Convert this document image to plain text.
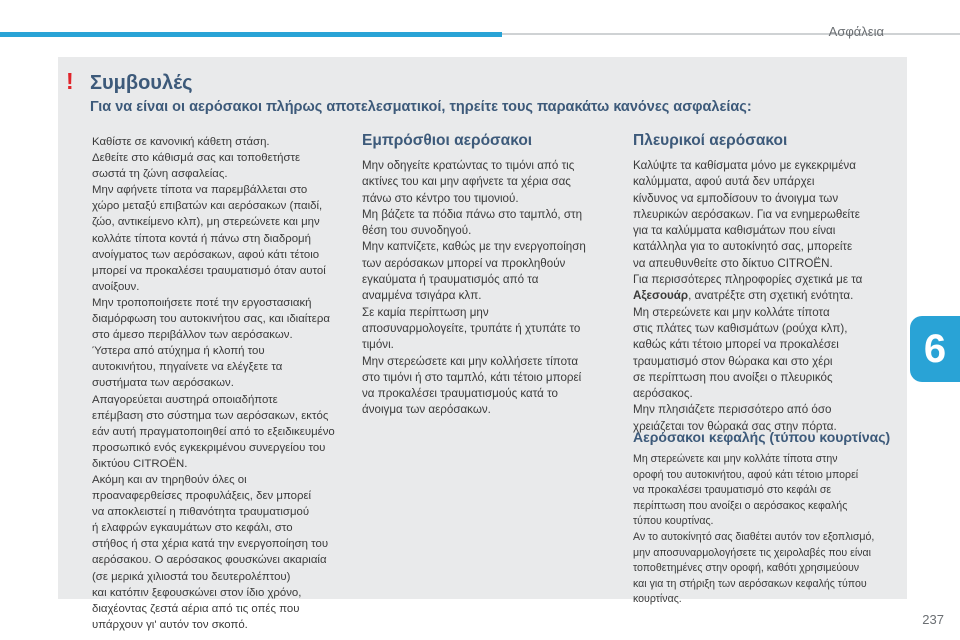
Ασφάλεια
! Συμβουλές
Για να είναι οι αερόσακοι πλήρως αποτελεσματικοί, τηρείτε τους παρακάτω κανόνες ασφαλείας:

Καθίστε σε κανονική κάθετη στάση.

Δεθείτε στο κάθισμά σας και τοποθετήστε

σωστά τη ζώνη ασφαλείας.

Μην αφήνετε τίποτα να παρεμβάλλεται στο

χώρο μεταξύ επιβατών και αερόσακων (παιδί,

ζώο, αντικείμενο κλπ), μη στερεώνετε και μην

κολλάτε τίποτα κοντά ή πάνω στη διαδρομή

ανοίγματος των αερόσακων, αφού κάτι τέτοιο

μπορεί να προκαλέσει τραυματισμό όταν αυτοί

ανοίξουν.

Μην τροποποιήσετε ποτέ την εργοστασιακή

διαμόρφωση του αυτοκινήτου σας, και ιδιαίτερα

στο άμεσο περιβάλλον των αερόσακων.

Ύστερα από ατύχημα ή κλοπή του

αυτοκινήτου, πηγαίνετε να ελέγξετε τα

συστήματα των αερόσακων.

Απαγορεύεται αυστηρά οποιαδήποτε

επέμβαση στο σύστημα των αερόσακων, εκτός

εάν αυτή πραγματοποιηθεί από το εξειδικευμένο

προσωπικό ενός εγκεκριμένου συνεργείου του

δικτύου CITROËN.

Ακόμη και αν τηρηθούν όλες οι

προαναφερθείσες προφυλάξεις, δεν μπορεί

να αποκλειστεί η πιθανότητα τραυματισμού

ή ελαφρών εγκαυμάτων στο κεφάλι, στο

στήθος ή στα χέρια κατά την ενεργοποίηση του

αερόσακου. Ο αερόσακος φουσκώνει ακαριαία

(σε μερικά χιλιοστά του δευτερολέπτου)

και κατόπιν ξεφουσκώνει στον ίδιο χρόνο,

διαχέοντας ζεστά αέρια από τις οπές που

υπάρχουν γι' αυτόν τον σκοπό.

Εμπρόσθιοι αερόσακοι

Μην οδηγείτε κρατώντας το τιμόνι από τις

ακτίνες του και μην αφήνετε τα χέρια σας

πάνω στο κέντρο του τιμονιού.

Μη βάζετε τα πόδια πάνω στο ταμπλό, στη

θέση του συνοδηγού.

Μην καπνίζετε, καθώς με την ενεργοποίηση

των αερόσακων μπορεί να προκληθούν

εγκαύματα ή τραυματισμός από τα

αναμμένα τσιγάρα κλπ.

Σε καμία περίπτωση μην

αποσυναρμολογείτε, τρυπάτε ή χτυπάτε το

τιμόνι.

Μην στερεώσετε και μην κολλήσετε τίποτα

στο τιμόνι ή στο ταμπλό, κάτι τέτοιο μπορεί

να προκαλέσει τραυματισμούς κατά το

άνοιγμα των αερόσακων.

Πλευρικοί αερόσακοι

Καλύψτε τα καθίσματα μόνο με εγκεκριμένα

καλύμματα, αφού αυτά δεν υπάρχει

κίνδυνος να εμποδίσουν το άνοιγμα των

πλευρικών αερόσακων. Για να ενημερωθείτε

για τα καλύμματα καθισμάτων που είναι

κατάλληλα για το αυτοκίνητό σας, μπορείτε

να απευθυνθείτε στο δίκτυο CITROËN.

Για περισσότερες πληροφορίες σχετικά με τα

Αξεσουάρ, ανατρέξτε στη σχετική ενότητα.

Μη στερεώνετε και μην κολλάτε τίποτα

στις πλάτες των καθισμάτων (ρούχα κλπ),

καθώς κάτι τέτοιο μπορεί να προκαλέσει

τραυματισμό στον θώρακα και στο χέρι

σε περίπτωση που ανοίξει ο πλευρικός

αερόσακος.

Μην πλησιάζετε περισσότερο από όσο

χρειάζεται τον θώρακά σας στην πόρτα.

Αερόσακοι κεφαλής (τύπου κουρτίνας)

Μη στερεώνετε και μην κολλάτε τίποτα στην

οροφή του αυτοκινήτου, αφού κάτι τέτοιο μπορεί

να προκαλέσει τραυματισμό στο κεφάλι σε

περίπτωση που ανοίξει ο αερόσακος κεφαλής

τύπου κουρτίνας.

Αν το αυτοκίνητό σας διαθέτει αυτόν τον εξοπλισμό,

μην αποσυναρμολογήσετε τις χειρολαβές που είναι

τοποθετημένες στην οροφή, καθότι χρησιμεύουν

και για τη στήριξη των αερόσακων κεφαλής τύπου

κουρτίνας.

6
237
